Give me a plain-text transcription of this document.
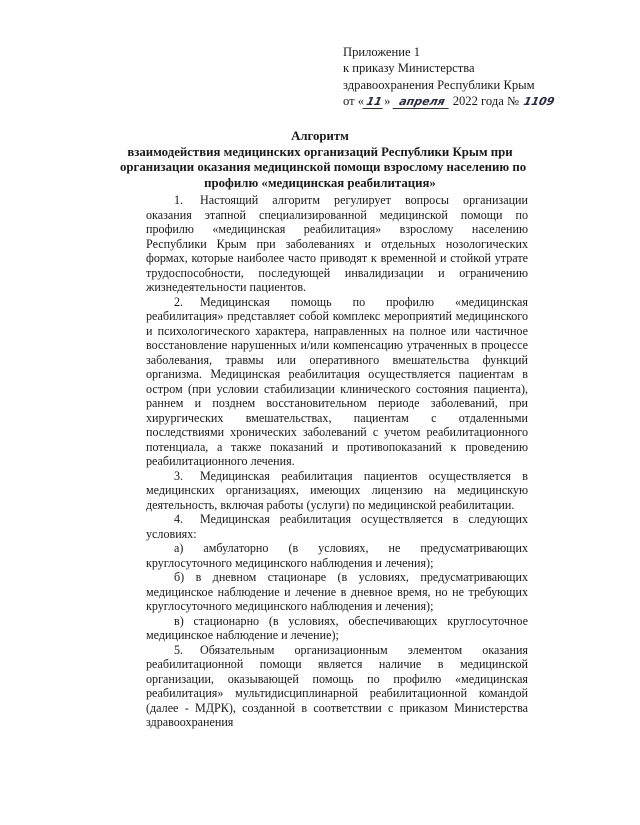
Приложение 1
к приказу Министерства
здравоохранения Республики Крым
от «11» апреля 2022 года № 1109
Алгоритм
взаимодействия медицинских организаций Республики Крым при
организации оказания медицинской помощи взрослому населению по
профилю «медицинская реабилитация»
1. Настоящий алгоритм регулирует вопросы организации оказания этапной специализированной медицинской помощи по профилю «медицинская реабилитация» взрослому населению Республики Крым при заболеваниях и отдельных нозологических формах, которые наиболее часто приводят к временной и стойкой утрате трудоспособности, последующей инвалидизации и ограничению жизнедеятельности пациентов.
2. Медицинская помощь по профилю «медицинская реабилитация» представляет собой комплекс мероприятий медицинского и психологического характера, направленных на полное или частичное восстановление нарушенных и/или компенсацию утраченных в процессе заболевания, травмы или оперативного вмешательства функций организма. Медицинская реабилитация осуществляется пациентам в остром (при условии стабилизации клинического состояния пациента), раннем и позднем восстановительном периоде заболеваний, при хирургических вмешательствах, пациентам с отдаленными последствиями хронических заболеваний с учетом реабилитационного потенциала, а также показаний и противопоказаний к проведению реабилитационного лечения.
3. Медицинская реабилитация пациентов осуществляется в медицинских организациях, имеющих лицензию на медицинскую деятельность, включая работы (услуги) по медицинской реабилитации.
4. Медицинская реабилитация осуществляется в следующих условиях:
а) амбулаторно (в условиях, не предусматривающих круглосуточного медицинского наблюдения и лечения);
б) в дневном стационаре (в условиях, предусматривающих медицинское наблюдение и лечение в дневное время, но не требующих круглосуточного медицинского наблюдения и лечения);
в) стационарно (в условиях, обеспечивающих круглосуточное медицинское наблюдение и лечение);
5. Обязательным организационным элементом оказания реабилитационной помощи является наличие в медицинской организации, оказывающей помощь по профилю «медицинская реабилитация» мультидисциплинарной реабилитационной командой (далее - МДРК), созданной в соответствии с приказом Министерства здравоохранения
